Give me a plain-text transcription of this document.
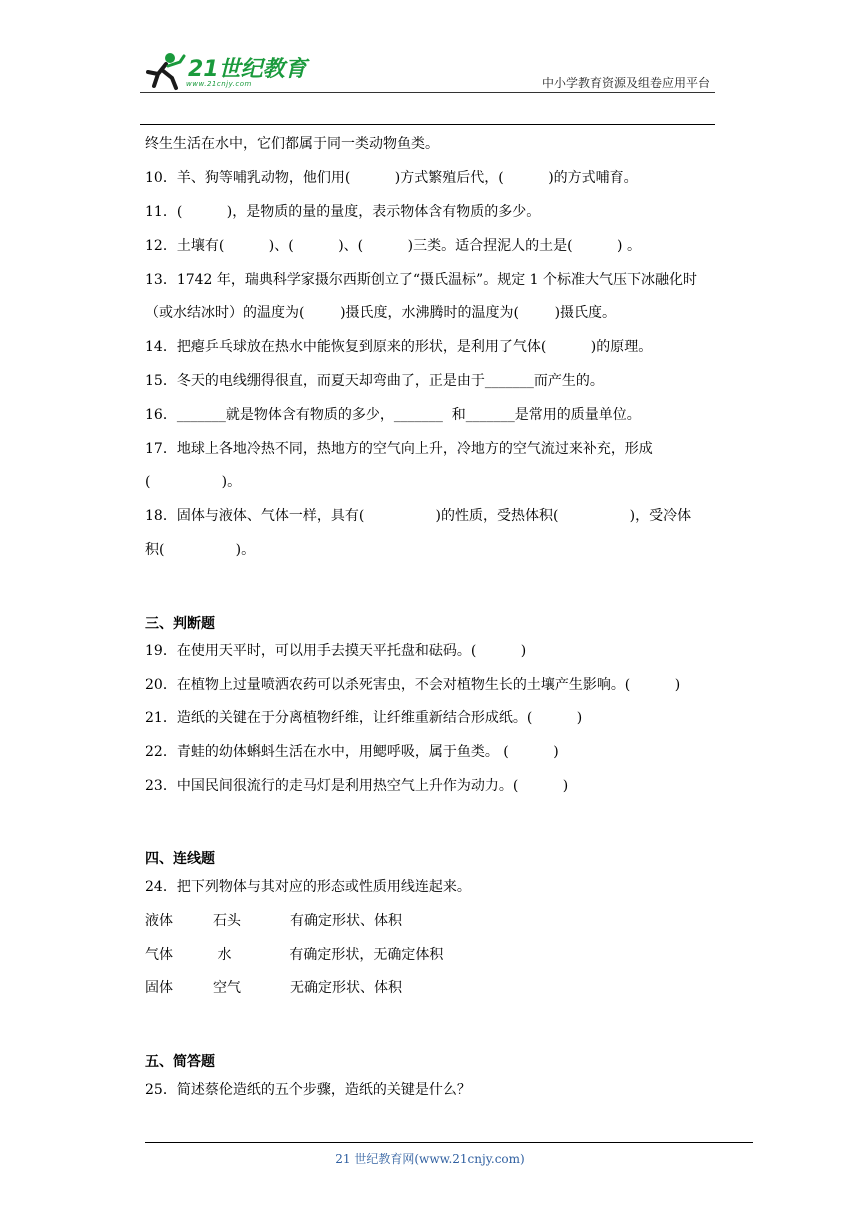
21世纪教育
www.21cnjy.com	中小学教育资源及组卷应用平台
终生生活在水中，它们都属于同一类动物鱼类。
10．羊、狗等哺乳动物，他们用(          )方式繁殖后代，(          )的方式哺育。
11．(          )，是物质的量的量度，表示物体含有物质的多少。
12．土壤有(          )、(          )、(          )三类。适合捏泥人的土是(          ) 。
13．1742 年，瑞典科学家摄尔西斯创立了“摄氏温标”。规定 1 个标准大气压下冰融化时
（或水结冰时）的温度为(        )摄氏度，水沸腾时的温度为(        )摄氏度。
14．把瘪乒乓球放在热水中能恢复到原来的形状，是利用了气体(          )的原理。
15．冬天的电线绷得很直，而夏天却弯曲了，正是由于_______而产生的。
16．_______就是物体含有物质的多少，_______  和_______是常用的质量单位。
17．地球上各地冷热不同，热地方的空气向上升，冷地方的空气流过来补充，形成
(                )。
18．固体与液体、气体一样，具有(                )的性质，受热体积(                )，受冷体
积(                )。
三、判断题
19．在使用天平时，可以用手去摸天平托盘和砝码。(          )
20．在植物上过量喷洒农药可以杀死害虫，不会对植物生长的土壤产生影响。(          )
21．造纸的关键在于分离植物纤维，让纤维重新结合形成纸。(          )
22．青蛙的幼体蝌蚪生活在水中，用鳃呼吸，属于鱼类。 (          )
23．中国民间很流行的走马灯是利用热空气上升作为动力。(          )
四、连线题
24．把下列物体与其对应的形态或性质用线连起来。
液体         石头           有确定形状、体积
气体          水             有确定形状，无确定体积
固体         空气           无确定形状、体积
五、简答题
25．简述蔡伦造纸的五个步骤，造纸的关键是什么？
21 世纪教育网(www.21cnjy.com)
